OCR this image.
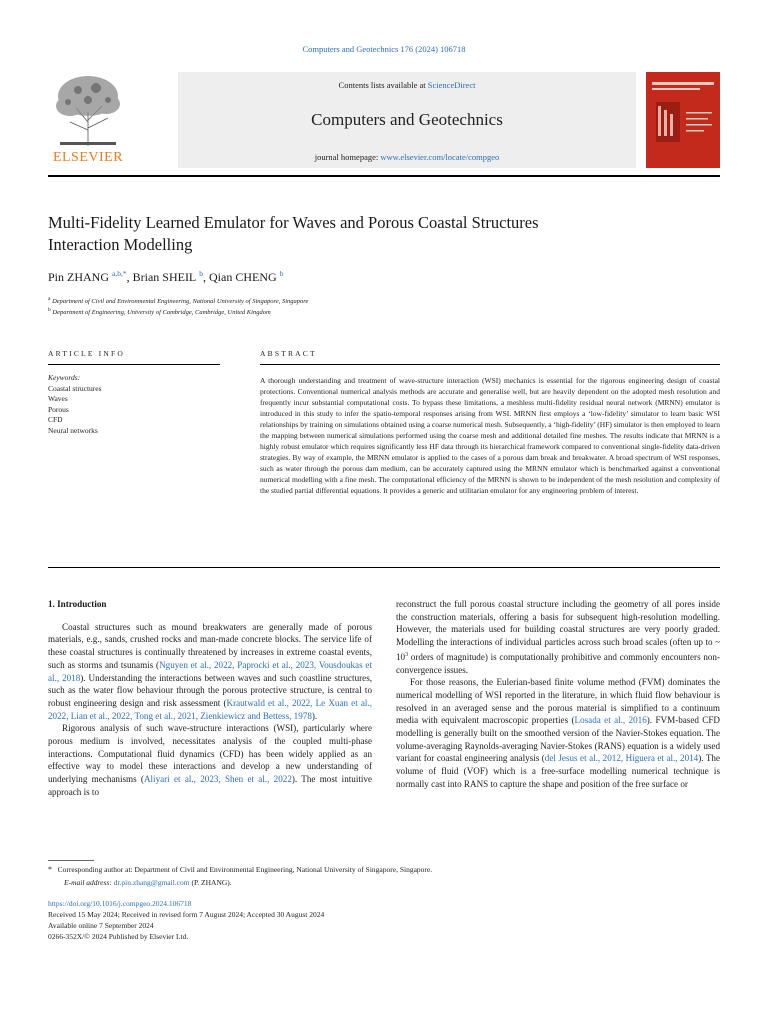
Computers and Geotechnics 176 (2024) 106718
ELSEVIER
Contents lists available at ScienceDirect
Computers and Geotechnics
journal homepage: www.elsevier.com/locate/compgeo
Multi-Fidelity Learned Emulator for Waves and Porous Coastal Structures
Interaction Modelling
Pin ZHANG $^{a,b,*}$, Brian SHEIL $^b$, Qian CHENG $^b$
$^a$ Department of Civil and Environmental Engineering, National University of Singapore, Singapore
$^b$ Department of Engineering, University of Cambridge, Cambridge, United Kingdom
ARTICLE INFO	ABSTRACT
Keywords:
Coastal structures
Waves
Porous
CFD
Neural networks
A thorough understanding and treatment of wave-structure interaction (WSI) mechanics is essential for the rigorous engineering design of coastal protections. Conventional numerical analysis methods are accurate and generalise well, but are heavily dependent on the adopted mesh resolution and frequently incur substantial computational costs. To bypass these limitations, a meshless multi-fidelity residual neural network (MRNN) emulator is introduced in this study to infer the spatio-temporal responses arising from WSI. MRNN first employs a ‘low-fidelity’ simulator to learn basic WSI relationships by training on simulations obtained using a coarse numerical mesh. Subsequently, a ‘high-fidelity’ (HF) simulator is then employed to learn the mapping between numerical simulations performed using the coarse mesh and additional detailed fine meshes. The results indicate that MRNN is a highly robust emulator which requires significantly less HF data through its hierarchical framework compared to conventional single-fidelity data-driven strategies. By way of example, the MRNN emulator is applied to the cases of a porous dam break and breakwater. A broad spectrum of WSI responses, such as water through the porous dam medium, can be accurately captured using the MRNN emulator which is benchmarked against a conventional numerical modelling with a fine mesh. The computational efficiency of the MRNN is shown to be independent of the mesh resolution and complexity of the studied partial differential equations. It provides a generic and utilitarian emulator for any engineering problem of interest.

1. Introduction

Coastal structures such as mound breakwaters are generally made of porous materials, e.g., sands, crushed rocks and man-made concrete blocks. The service life of these coastal structures is continually threatened by increases in extreme coastal events, such as storms and tsunamis (Nguyen et al., 2022, Paprocki et al., 2023, Vousdoukas et al., 2018). Understanding the interactions between waves and such coastline structures, such as the water flow behaviour through the porous protective structure, is central to robust engineering design and risk assessment (Krautwald et al., 2022, Le Xuan et al., 2022, Lian et al., 2022, Tong et al., 2021, Zienkiewicz and Bettess, 1978).

Rigorous analysis of such wave-structure interactions (WSI), particularly where porous medium is involved, necessitates analysis of the coupled multi-phase interactions. Computational fluid dynamics (CFD) has been widely applied as an effective way to model these interactions and develop a new understanding of underlying mechanisms (Aliyari et al., 2023, Shen et al., 2022). The most intuitive approach is to

reconstruct the full porous coastal structure including the geometry of all pores inside the construction materials, offering a basis for subsequent high-resolution modelling. However, the materials used for building coastal structures are very poorly graded. Modelling the interactions of individual particles across such broad scales (often up to ~ $10^3$ orders of magnitude) is computationally prohibitive and commonly encounters non-convergence issues.

For those reasons, the Eulerian-based finite volume method (FVM) dominates the numerical modelling of WSI reported in the literature, in which fluid flow behaviour is resolved in an averaged sense and the porous material is simplified to a continuum media with equivalent macroscopic properties (Losada et al., 2016). FVM-based CFD modelling is generally built on the smoothed version of the Navier-Stokes equation. The volume-averaging Raynolds-averaging Navier-Stokes (RANS) equation is a widely used variant for coastal engineering analysis (del Jesus et al., 2012, Higuera et al., 2014). The volume of fluid (VOF) which is a free-surface modelling numerical technique is normally cast into RANS to capture the shape and position of the free surface or

* Corresponding author at: Department of Civil and Environmental Engineering, National University of Singapore, Singapore.
E-mail address: dr.pin.zhang@gmail.com (P. ZHANG).
https://doi.org/10.1016/j.compgeo.2024.106718
Received 15 May 2024; Received in revised form 7 August 2024; Accepted 30 August 2024
Available online 7 September 2024
0266-352X/© 2024 Published by Elsevier Ltd.
